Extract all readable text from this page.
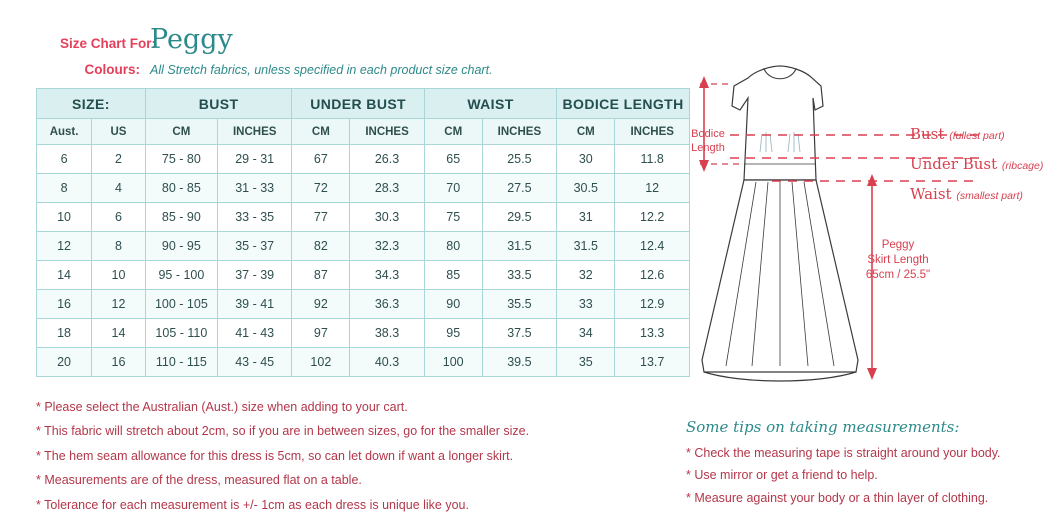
Size Chart For:
Peggy
Colours: All Stretch fabrics, unless specified in each product size chart.
SIZE:		BUST		UNDER BUST		WAIST		BODICE LENGTH	
Aust.	US	CM	INCHES	CM	INCHES	CM	INCHES	CM	INCHES
6	2	75 - 80	29 - 31	67	26.3	65	25.5	30	11.8
8	4	80 - 85	31 - 33	72	28.3	70	27.5	30.5	12
10	6	85 - 90	33 - 35	77	30.3	75	29.5	31	12.2
12	8	90 - 95	35 - 37	82	32.3	80	31.5	31.5	12.4
14	10	95 - 100	37 - 39	87	34.3	85	33.5	32	12.6
16	12	100 - 105	39 - 41	92	36.3	90	35.5	33	12.9
18	14	105 - 110	41 - 43	97	38.3	95	37.5	34	13.3
20	16	110 - 115	43 - 45	102	40.3	100	39.5	35	13.7

* Please select the Australian (Aust.) size when adding to your cart.

* This fabric will stretch about 2cm, so if you are in between sizes, go for the smaller size.

* The hem seam allowance for this dress is 5cm, so can let down if want a longer skirt.

* Measurements are of the dress, measured flat on a table.

* Tolerance for each measurement is +/- 1cm as each dress is unique like you.

Bodice
Length
Bust (fullest part)
Under Bust (ribcage)
Waist (smallest part)
Peggy
Skirt Length
65cm / 25.5"
Some tips on taking measurements:

* Check the measuring tape is straight around your body.

* Use mirror or get a friend to help.

* Measure against your body or a thin layer of clothing.
